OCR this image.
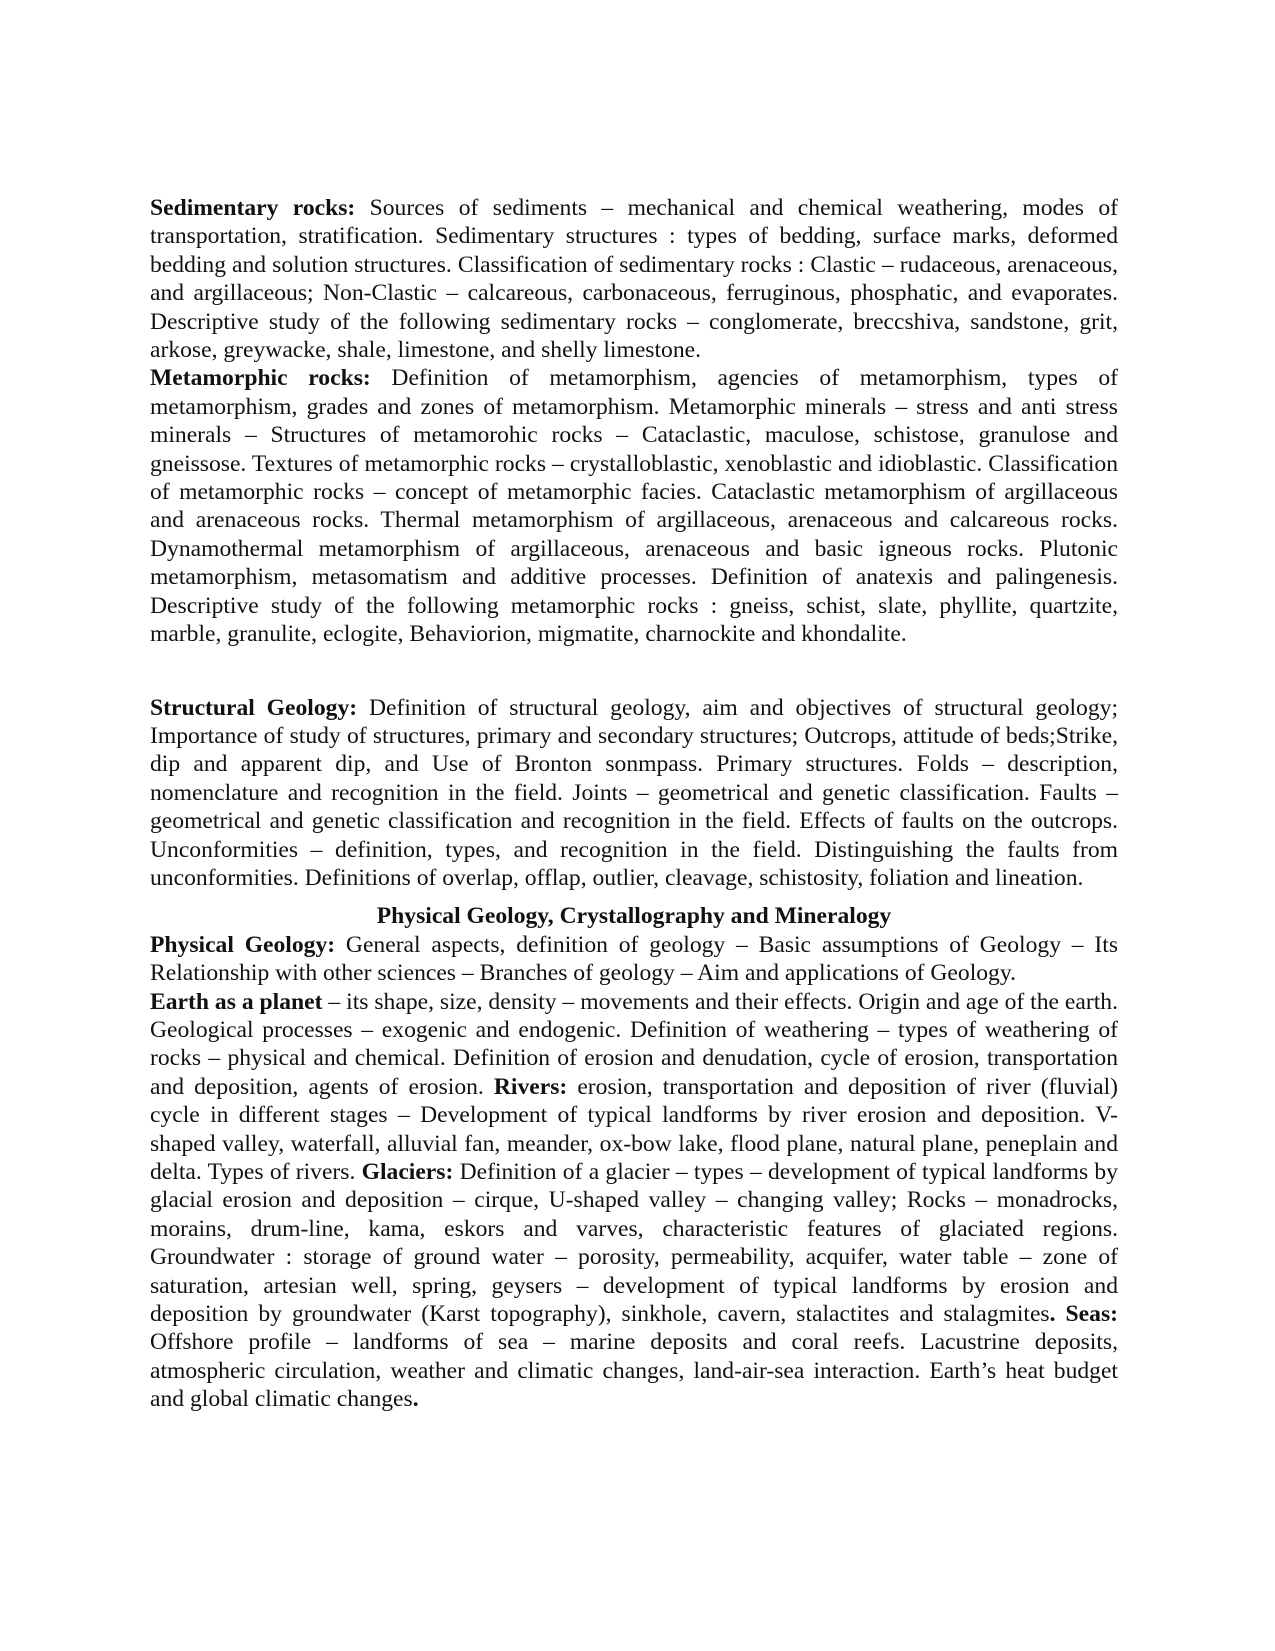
Sedimentary rocks: Sources of sediments – mechanical and chemical weathering, modes of transportation, stratification. Sedimentary structures : types of bedding, surface marks, deformed bedding and solution structures. Classification of sedimentary rocks : Clastic – rudaceous, arenaceous, and argillaceous; Non-Clastic – calcareous, carbonaceous, ferruginous, phosphatic, and evaporates. Descriptive study of the following sedimentary rocks – conglomerate, breccshiva, sandstone, grit, arkose, greywacke, shale, limestone, and shelly limestone.

Metamorphic rocks: Definition of metamorphism, agencies of metamorphism, types of metamorphism, grades and zones of metamorphism. Metamorphic minerals – stress and anti stress minerals – Structures of metamorohic rocks – Cataclastic, maculose, schistose, granulose and gneissose. Textures of metamorphic rocks – crystalloblastic, xenoblastic and idioblastic. Classification of metamorphic rocks – concept of metamorphic facies. Cataclastic metamorphism of argillaceous and arenaceous rocks. Thermal metamorphism of argillaceous, arenaceous and calcareous rocks. Dynamothermal metamorphism of argillaceous, arenaceous and basic igneous rocks. Plutonic metamorphism, metasomatism and additive processes. Definition of anatexis and palingenesis. Descriptive study of the following metamorphic rocks : gneiss, schist, slate, phyllite, quartzite, marble, granulite, eclogite, Behaviorion, migmatite, charnockite and khondalite.

Structural Geology: Definition of structural geology, aim and objectives of structural geology; Importance of study of structures, primary and secondary structures; Outcrops, attitude of beds;Strike, dip and apparent dip, and Use of Bronton sonmpass. Primary structures. Folds – description, nomenclature and recognition in the field. Joints – geometrical and genetic classification. Faults – geometrical and genetic classification and recognition in the field. Effects of faults on the outcrops. Unconformities – definition, types, and recognition in the field. Distinguishing the faults from unconformities. Definitions of overlap, offlap, outlier, cleavage, schistosity, foliation and lineation.

Physical Geology, Crystallography and Mineralogy

Physical Geology: General aspects, definition of geology – Basic assumptions of Geology – Its Relationship with other sciences – Branches of geology – Aim and applications of Geology.

Earth as a planet – its shape, size, density – movements and their effects. Origin and age of the earth. Geological processes – exogenic and endogenic. Definition of weathering – types of weathering of rocks – physical and chemical. Definition of erosion and denudation, cycle of erosion, transportation and deposition, agents of erosion. Rivers: erosion, transportation and deposition of river (fluvial) cycle in different stages – Development of typical landforms by river erosion and deposition. V-shaped valley, waterfall, alluvial fan, meander, ox-bow lake, flood plane, natural plane, peneplain and delta. Types of rivers. Glaciers: Definition of a glacier – types – development of typical landforms by glacial erosion and deposition – cirque, U-shaped valley – changing valley; Rocks – monadrocks, morains, drum-line, kama, eskors and varves, characteristic features of glaciated regions. Groundwater : storage of ground water – porosity, permeability, acquifer, water table – zone of saturation, artesian well, spring, geysers – development of typical landforms by erosion and deposition by groundwater (Karst topography), sinkhole, cavern, stalactites and stalagmites. Seas: Offshore profile – landforms of sea – marine deposits and coral reefs. Lacustrine deposits, atmospheric circulation, weather and climatic changes, land-air-sea interaction. Earth’s heat budget and global climatic changes.
